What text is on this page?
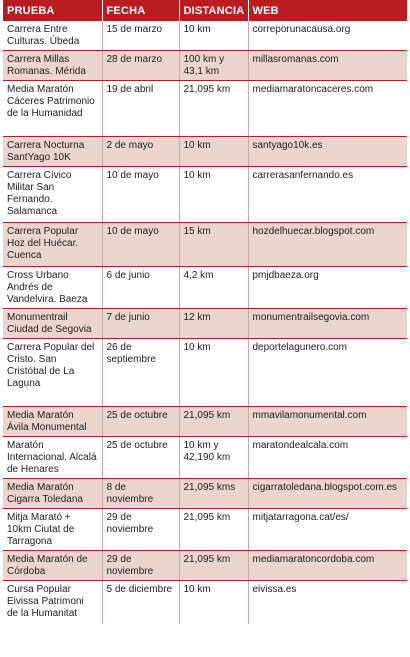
PRUEBA	FECHA	DISTANCIA	WEB
Carrera Entre Culturas. Úbeda	15 de marzo	10 km	correporunacausa.org
Carrera Millas Romanas. Mérida	28 de marzo	100 km y 43,1 km	millasromanas.com
Media Maratón Cáceres Patrimonio de la Humanidad	19 de abril	21,095 km	mediamaratoncaceres.com
Carrera Nocturna SantYago 10K	2 de mayo	10 km	santyago10k.es
Carrera Cívico Militar San Fernando. Salamanca	10 de mayo	10 km	carrerasanfernando.es
Carrera Popular Hoz del Huécar. Cuenca	10 de mayo	15 km	hozdelhuecar.blogspot.com
Cross Urbano Andrés de Vandelvira. Baeza	6 de junio	4,2 km	pmjdbaeza.org
Monumentrail Ciudad de Segovia	7 de junio	12 km	monumentrailsegovia.com
Carrera Popular del Cristo. San Cristóbal de La Laguna	26 de septiembre	10 km	deportelagunero.com
Media Maratón Ávila Monumental	25 de octubre	21,095 km	mmavilamonumental.com
Maratón Internacional. Alcalá de Henares	25 de octubre	10 km y 42,190 km	maratondealcala.com
Media Maratón Cigarra Toledana	8 de noviembre	21,095 kms	cigarratoledana.blogspot.com.es
Mitja Marató + 10km Ciutat de Tarragona	29 de noviembre	21,095 km	mitjatarragona.cat/es/
Media Maratón de Córdoba	29 de noviembre	21,095 km	mediamaratoncordoba.com
Cursa Popular Eivissa Patrimoni de la Humanitat	5 de diciembre	10 km	eivissa.es
